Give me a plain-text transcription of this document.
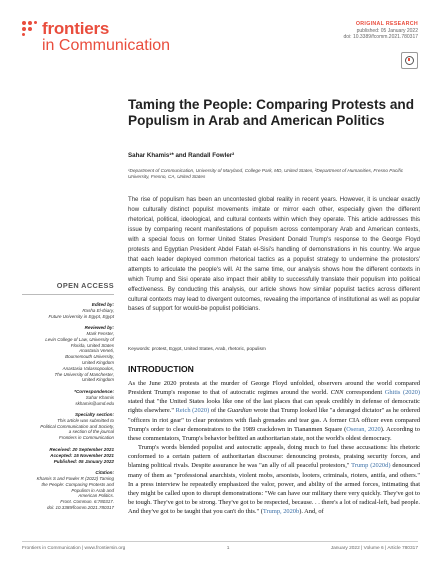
frontiers
in Communication
ORIGINAL RESEARCH
published: 05 January 2022
doi: 10.3389/fcomm.2021.780317
Taming the People: Comparing Protests and Populism in Arab and American Politics
Sahar Khamis¹* and Randall Fowler²
¹Department of Communication, University of Maryland, College Park, MD, United States, ²Department of Humanities, Fresno Pacific University, Fresno, CA, United States
The rise of populism has been an uncontested global reality in recent years. However, it is unclear exactly how culturally distinct populist movements imitate or mirror each other, especially given the different rhetorical, political, ideological, and cultural contexts within which they operate. This article addresses this issue by comparing recent manifestations of populism across contemporary Arab and American contexts, with a special focus on former United States President Donald Trump's response to the George Floyd protests and Egyptian President Abdel Fatah el-Sisi's handling of demonstrations in his country. We argue that each leader deployed common rhetorical tactics as a populist strategy to undermine the protestors' attempts to articulate the people's will. At the same time, our analysis shows how the different contexts in which Trump and Sisi operate also impact their ability to successfully translate their populism into political effectiveness. By conducting this analysis, our article shows how similar populist tactics across different cultural contexts may lead to divergent outcomes, revealing the importance of institutional as well as popular bases of support for would-be populist politicians.
Keywords: protest, Egypt, United States, Arab, rhetoric, populism
OPEN ACCESS
Edited by:
Rasha El-Ibiary,
Future University in Egypt, Egypt
Reviewed by:
Mark Fenster,
Levin College of Law, University of
Florida, United States
Anastasia Veneti,
Bournemouth University,
United Kingdom
Anastasia Valassopoulos,
The University of Manchester,
United Kingdom
*Correspondence:
Sahar Khamis
skhamis@umd.edu
Specialty section:
This article was submitted to
Political Communication and Society,
a section of the journal
Frontiers in Communication
Received: 20 September 2021
Accepted: 15 November 2021
Published: 05 January 2022
Citation:
Khamis S and Fowler R (2022) Taming
the People: Comparing Protests and
Populism in Arab and
American Politics.
Front. Commun. 6:780317.
doi: 10.3389/fcomm.2021.780317
INTRODUCTION

As the June 2020 protests at the murder of George Floyd unfolded, observers around the world compared President Trump's response to that of autocratic regimes around the world. CNN correspondent Ghitis (2020) stated that "the United States looks like one of the last places that can speak credibly in defense of democratic rights elsewhere." Reich (2020) of the Guardian wrote that Trump looked like "a deranged dictator" as he ordered "officers in riot gear" to clear protestors with flash grenades and tear gas. A former CIA officer even compared Trump's order to clear demonstrators to the 1989 crackdown in Tiananmen Square (Oseran, 2020). According to these commentators, Trump's behavior befitted an authoritarian state, not the world's oldest democracy.

Trump's words blended populist and autocratic appeals, doing much to fuel these accusations: his rhetoric conformed to a certain pattern of authoritarian discourse: denouncing protests, praising security forces, and blaming political rivals. Despite assurance he was "an ally of all peaceful protestors," Trump (2020d) denounced many of them as "professional anarchists, violent mobs, arsonists, looters, criminals, rioters, antifa, and others." In a press interview he repeatedly emphasized the valor, power, and ability of the armed forces, intimating that they might be called upon to disrupt demonstrations: "We can have our military there very quickly. They've got to be tough. They've got to be strong. They've got to be respected, because. . . there's a lot of radical-left, bad people. And they've got to be taught that you can't do this." (Trump, 2020b). And, of

Frontiers in Communication | www.frontiersin.org	1	January 2022 | Volume 6 | Article 780317
